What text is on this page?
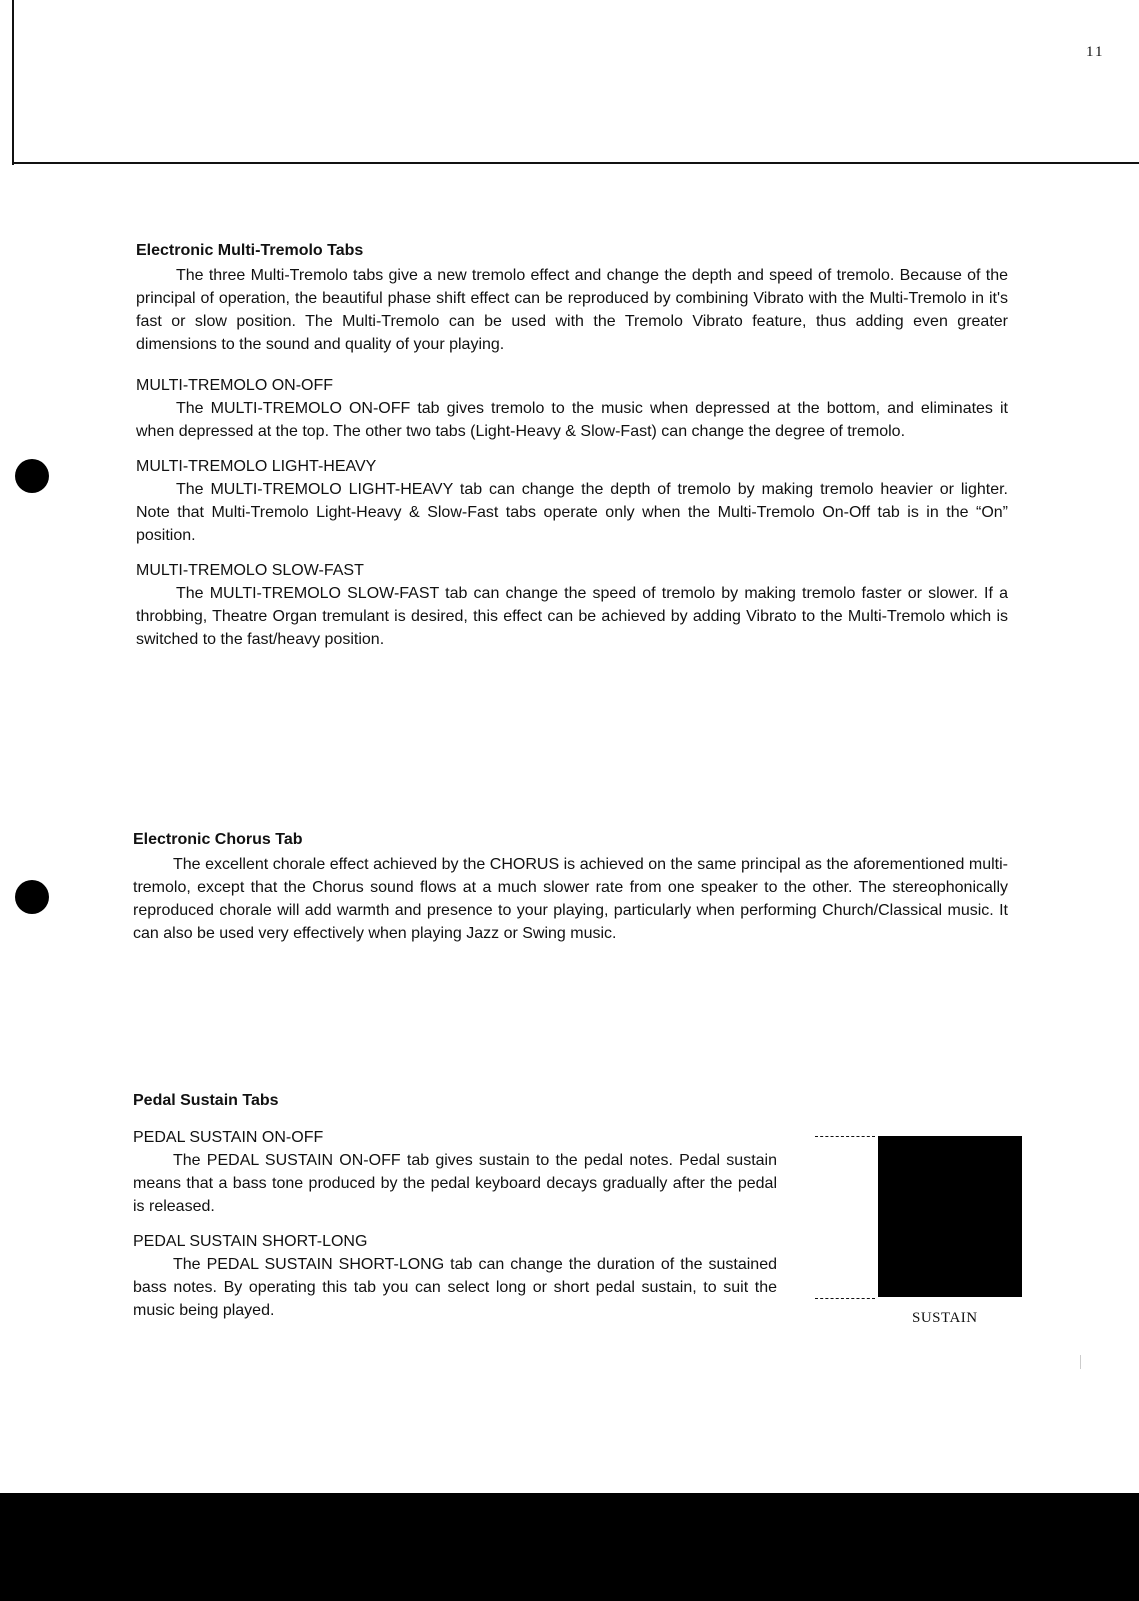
11
Electronic Multi-Tremolo Tabs

The three Multi-Tremolo tabs give a new tremolo effect and change the depth and speed of tremolo. Because of the principal of operation, the beautiful phase shift effect can be reproduced by combining Vibrato with the Multi-Tremolo in it's fast or slow position. The Multi-Tremolo can be used with the Tremolo Vibrato feature, thus adding even greater dimensions to the sound and quality of your playing.

MULTI-TREMOLO ON-OFF

The MULTI-TREMOLO ON-OFF tab gives tremolo to the music when depressed at the bottom, and eliminates it when depressed at the top. The other two tabs (Light-Heavy & Slow-Fast) can change the degree of tremolo.

MULTI-TREMOLO LIGHT-HEAVY

The MULTI-TREMOLO LIGHT-HEAVY tab can change the depth of tremolo by making tremolo heavier or lighter. Note that Multi-Tremolo Light-Heavy & Slow-Fast tabs operate only when the Multi-Tremolo On-Off tab is in the “On” position.

MULTI-TREMOLO SLOW-FAST

The MULTI-TREMOLO SLOW-FAST tab can change the speed of tremolo by making tremolo faster or slower. If a throbbing, Theatre Organ tremulant is desired, this effect can be achieved by adding Vibrato to the Multi-Tremolo which is switched to the fast/heavy position.

Electronic Chorus Tab

The excellent chorale effect achieved by the CHORUS is achieved on the same principal as the aforementioned multi-tremolo, except that the Chorus sound flows at a much slower rate from one speaker to the other. The stereophonically reproduced chorale will add warmth and presence to your playing, particularly when performing Church/Classical music. It can also be used very effectively when playing Jazz or Swing music.

Pedal Sustain Tabs
PEDAL SUSTAIN ON-OFF

The PEDAL SUSTAIN ON-OFF tab gives sustain to the pedal notes. Pedal sustain means that a bass tone produced by the pedal keyboard decays gradually after the pedal is released.

PEDAL SUSTAIN SHORT-LONG

The PEDAL SUSTAIN SHORT-LONG tab can change the duration of the sustained bass notes. By operating this tab you can select long or short pedal sustain, to suit the music being played.	SUSTAIN
